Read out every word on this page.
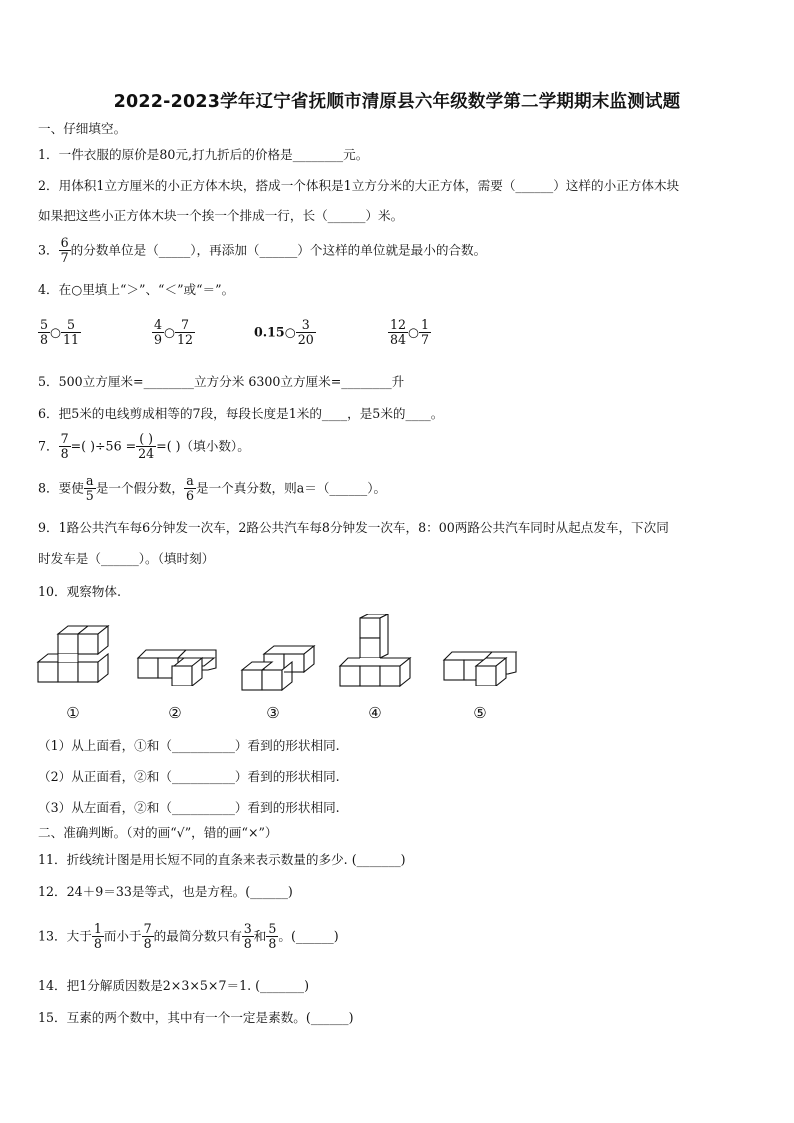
2022-2023学年辽宁省抚顺市清原县六年级数学第二学期期末监测试题
一、仔细填空。
1．一件衣服的原价是80元,打九折后的价格是________元。
2．用体积1立方厘米的小正方体木块，搭成一个体积是1立方分米的大正方体，需要（______）这样的小正方体木块
如果把这些小正方体木块一个挨一个排成一行，长（______）米。
3． $\frac{6}{7}$ 的分数单位是（_____），再添加（______）个这样的单位就是最小的合数。
4．在○里填上“＞”、“＜”或“＝”。
$\frac{5}{8}$ ○ $\frac{5}{11}$	$\frac{4}{9}$ ○ $\frac{7}{12}$	0.15○ $\frac{3}{20}$	$\frac{12}{84}$ ○ $\frac{1}{7}$
5．500立方厘米=________立方分米 6300立方厘米=________升
6．把5米的电线剪成相等的7段，每段长度是1米的____，是5米的____。
7． $\frac{7}{8}$ =( )$\div 56 = \frac{( )}{24}$ =( )（填小数）。
8．要使 $\frac{a}{5}$ 是一个假分数， $\frac{a}{6}$ 是一个真分数，则a＝（______）。
9．1路公共汽车每6分钟发一次车，2路公共汽车每8分钟发一次车，8：00两路公共汽车同时从起点发车，下次同
时发车是（______）。（填时刻）
10．观察物体.
①	②	③	④	⑤
（1）从上面看，①和（__________）看到的形状相同.
（2）从正面看，②和（__________）看到的形状相同.
（3）从左面看，②和（__________）看到的形状相同.
二、准确判断。（对的画“√”，错的画“×”）
11．折线统计图是用长短不同的直条来表示数量的多少. (_______)
12．24＋9＝33是等式，也是方程。(______)
13．大于 $\frac{1}{8}$ 而小于 $\frac{7}{8}$ 的最简分数只有 $\frac{3}{8}$ 和 $\frac{5}{8}$ 。(______)
14．把1分解质因数是2×3×5×7＝1. (_______)
15．互素的两个数中，其中有一个一定是素数。(______)
